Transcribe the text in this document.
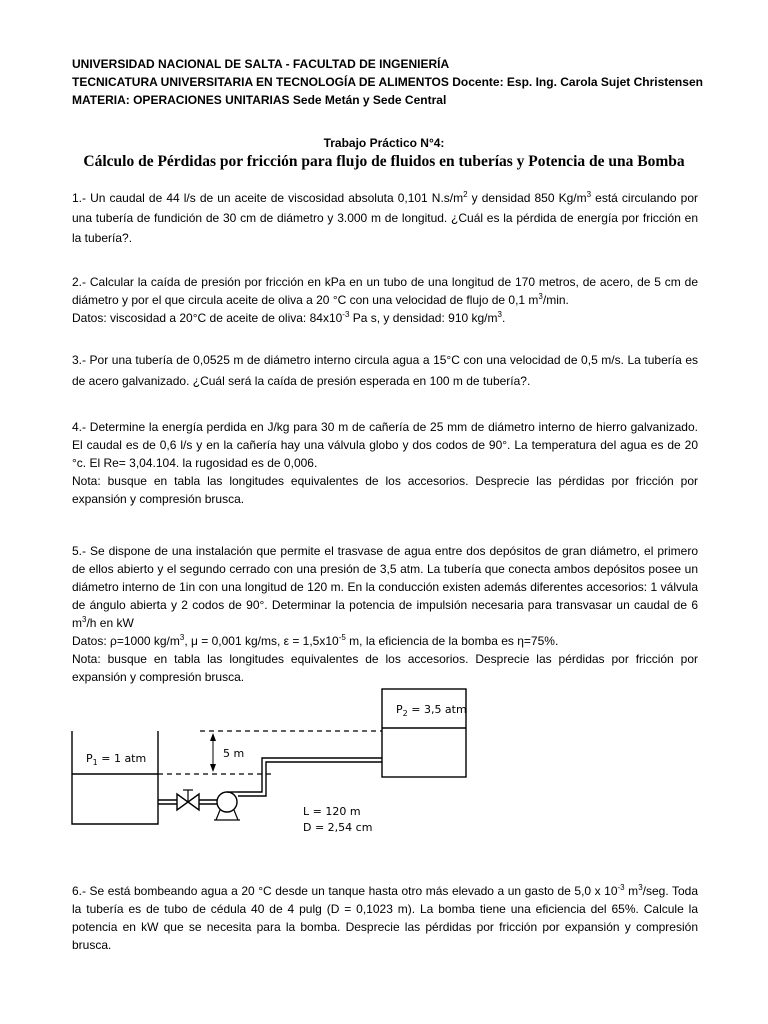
UNIVERSIDAD NACIONAL DE SALTA - FACULTAD DE INGENIERÍA
TECNICATURA UNIVERSITARIA EN TECNOLOGÍA DE ALIMENTOS Docente: Esp. Ing. Carola Sujet Christensen
MATERIA: OPERACIONES UNITARIAS Sede Metán y Sede Central
Trabajo Práctico N°4:
Cálculo de Pérdidas por fricción para flujo de fluidos en tuberías y Potencia de una Bomba

1.- Un caudal de 44 l/s de un aceite de viscosidad absoluta 0,101 $N.s/m^2$ y densidad 850 $Kg/m^3$ está circulando por una tubería de fundición de 30 cm de diámetro y 3.000 m de longitud. ¿Cuál es la pérdida de energía por fricción en la tubería?.

2.- Calcular la caída de presión por fricción en kPa en un tubo de una longitud de 170 metros, de acero, de 5 cm de diámetro y por el que circula aceite de oliva a 20 °C con una velocidad de flujo de 0,1 $m^3/\min$.

Datos: viscosidad a 20°C de aceite de oliva: $84x10^{-3}$ Pa s, y densidad: 910 $kg/m^3$.

3.- Por una tubería de 0,0525 m de diámetro interno circula agua a 15°C con una velocidad de 0,5 m/s. La tubería es de acero galvanizado. ¿Cuál será la caída de presión esperada en 100 m de tubería?.

4.- Determine la energía perdida en J/kg para 30 m de cañería de 25 mm de diámetro interno de hierro galvanizado. El caudal es de 0,6 l/s y en la cañería hay una válvula globo y dos codos de 90°. La temperatura del agua es de 20 °c. El Re= 3,04.104. la rugosidad es de 0,006.

Nota: busque en tabla las longitudes equivalentes de los accesorios. Desprecie las pérdidas por fricción por expansión y compresión brusca.

5.- Se dispone de una instalación que permite el trasvase de agua entre dos depósitos de gran diámetro, el primero de ellos abierto y el segundo cerrado con una presión de 3,5 atm. La tubería que conecta ambos depósitos posee un diámetro interno de 1in con una longitud de 120 m. En la conducción existen además diferentes accesorios: 1 válvula de ángulo abierta y 2 codos de 90°. Determinar la potencia de impulsión necesaria para transvasar un caudal de 6 $m^3/h$ en kW

Datos: ρ=1000 $kg/m^3$, μ = 0,001 kg/ms, $\varepsilon = 1,5x10^{-5}$ m, la eficiencia de la bomba es η=75%.

Nota: busque en tabla las longitudes equivalentes de los accesorios. Desprecie las pérdidas por fricción por expansión y compresión brusca.

$P_1 = 1$ atm
$P_2 = 3,5$ atm
5 m
L = 120 m
D = 2,54 cm

6.- Se está bombeando agua a 20 °C desde un tanque hasta otro más elevado a un gasto de 5,0 x $10^{-3}$ $m^3$/seg. Toda la tubería es de tubo de cédula 40 de 4 pulg (D = 0,1023 m). La bomba tiene una eficiencia del 65%. Calcule la potencia en kW que se necesita para la bomba. Desprecie las pérdidas por fricción por expansión y compresión brusca.
